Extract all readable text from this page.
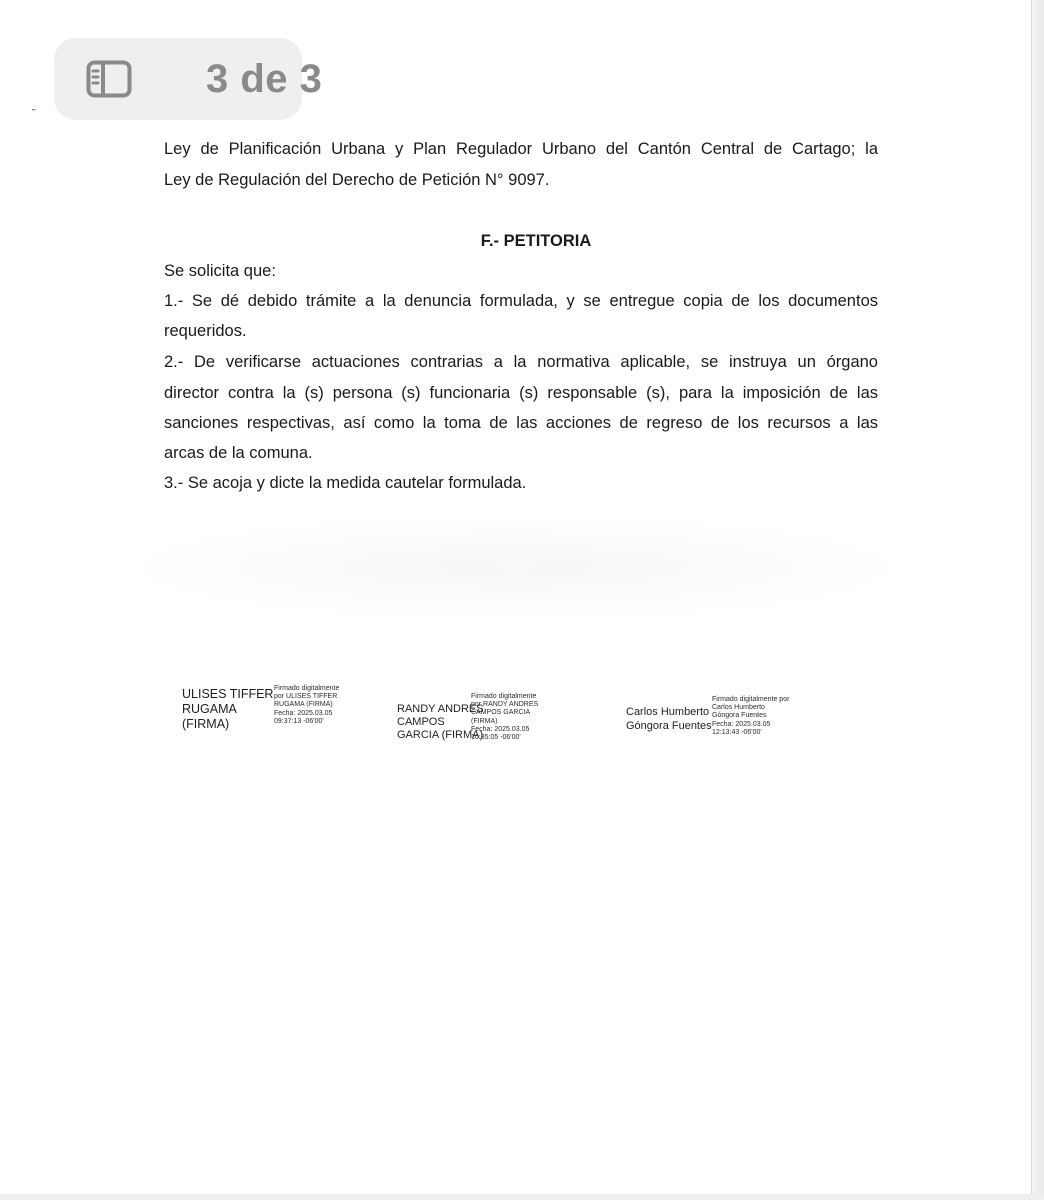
3 de 3
˜
Ley de Planificación Urbana y Plan Regulador Urbano del Cantón Central de Cartago; la
Ley de Regulación del Derecho de Petición N° 9097.
F.- PETITORIA
Se solicita que:
1.- Se dé debido trámite a la denuncia formulada, y se entregue copia de los documentos
requeridos.
2.- De verificarse actuaciones contrarias a la normativa aplicable, se instruya un órgano
director contra la (s) persona (s) funcionaria (s) responsable (s), para la imposición de las
sanciones respectivas, así como la toma de las acciones de regreso de los recursos a las
arcas de la comuna.
3.- Se acoja y dicte la medida cautelar formulada.
ULISES TIFFER
RUGAMA
(FIRMA)
Firmado digitalmente
por ULISES TIFFER
RUGAMA (FIRMA)
Fecha: 2025.03.05
09:37:13 -06'00'
RANDY ANDRES
CAMPOS
GARCIA (FIRMA)
Firmado digitalmente
por RANDY ANDRES
CAMPOS GARCIA
(FIRMA)
Fecha: 2025.03.05
10:35:05 -06'00'
Carlos Humberto
Góngora Fuentes
Firmado digitalmente por
Carlos Humberto
Góngora Fuentes
Fecha: 2025.03.05
12:13:43 -06'00'
